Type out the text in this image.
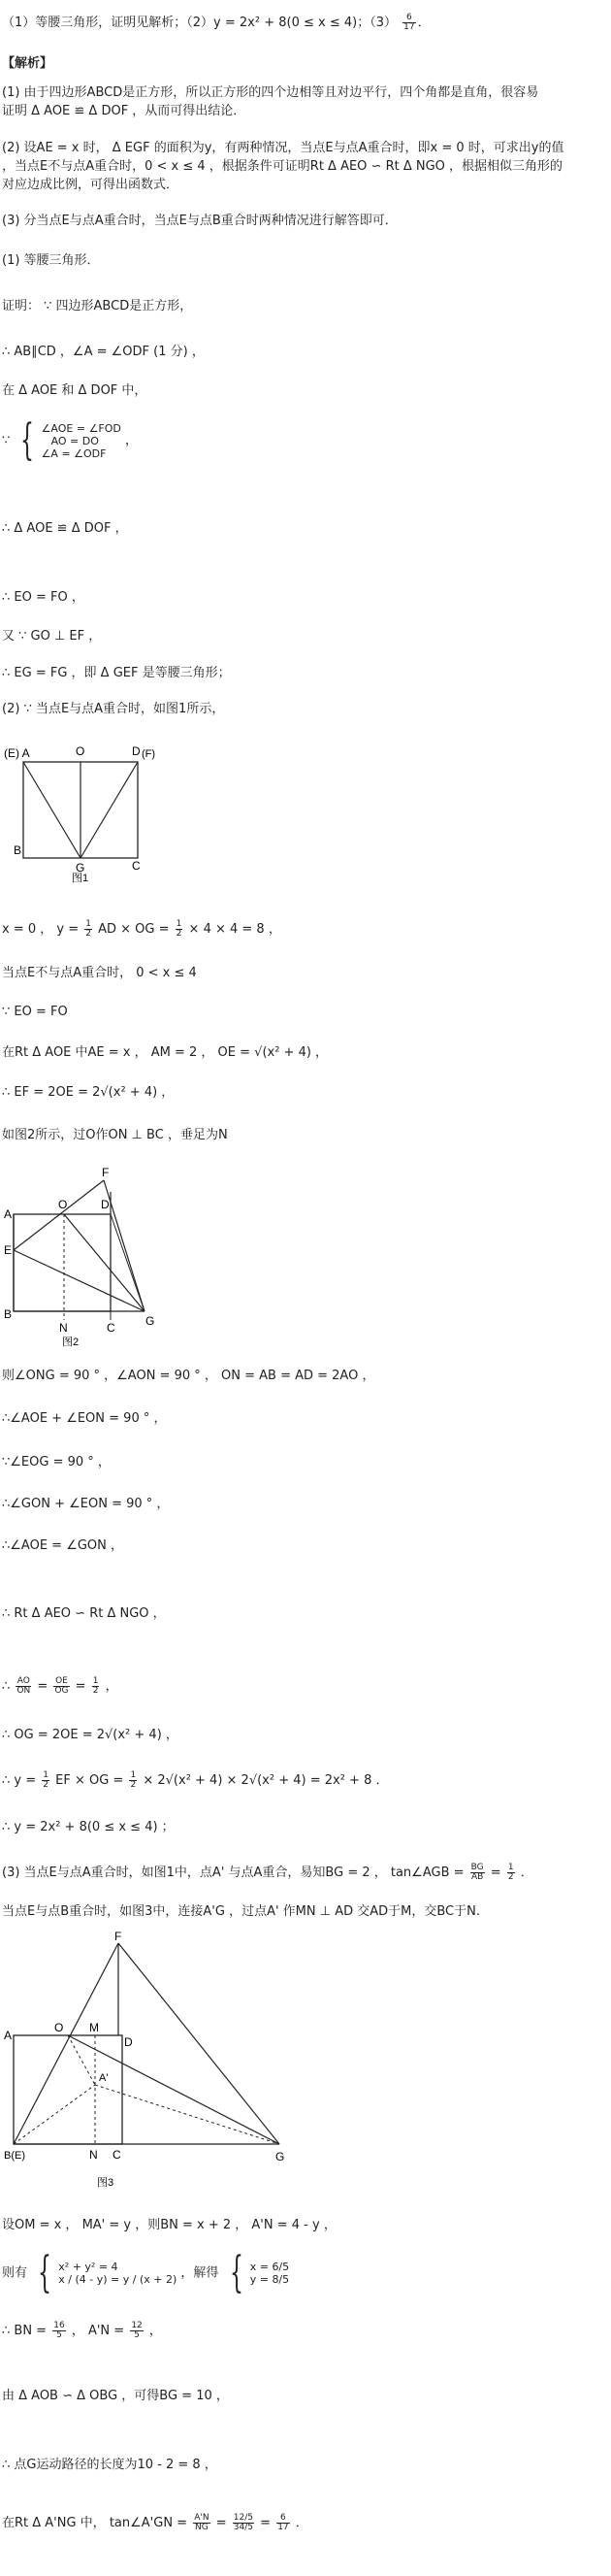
（1）等腰三角形，证明见解析；（2）y = 2x² + 8(0 ≤ x ≤ 4)；$(3) \frac{6}{17}$ ．
【解析】
(1) 由于四边形ABCD是正方形，所以正方形的四个边相等且对边平行，四个角都是直角，很容易
证明 Δ AOE ≌ Δ DOF ，从而可得出结论．
(2) 设AE = x 时， Δ EGF 的面积为y，有两种情况，当点E与点A重合时，即x = 0 时，可求出y的值
，当点E不与点A重合时，0 < x ≤ 4 ，根据条件可证明Rt Δ AEO ∽ Rt Δ NGO ，根据相似三角形的
对应边成比例，可得出函数式．
(3) 分当点E与点A重合时，当点E与点B重合时两种情况进行解答即可．
(1) 等腰三角形．
证明： ∵ 四边形ABCD是正方形，
∴ AB∥CD ，∠A = ∠ODF (1 分) ，
在 Δ AOE 和 Δ DOF 中，
∵ { ∠AOE = ∠FOD
AO = DO
∠A = ∠ODF
，
∴ Δ AOE ≌ Δ DOF ，
∴ EO = FO ，
又 ∵ GO ⊥ EF ，
∴ EG = FG ，即 Δ GEF 是等腰三角形；
(2) ∵ 当点E与点A重合时，如图1所示，
(E) A	O	D (F)
B
G	C
图1
x = 0 ， $y = \frac{1}{2}$ AD × OG = $\frac{1}{2} \times 4 \times 4 = 8$ ，
当点E不与点A重合时， 0 < x ≤ 4
∵ EO = FO
在Rt Δ AOE 中AE = x ， AM = 2 ， OE = √(x² + 4) ，
∴ EF = 2OE = 2√(x² + 4) ，
如图2所示，过O作ON ⊥ BC ，垂足为N
F
A
O	D
E
B
N	C	G
图2
则∠ONG = 90 ° ，∠AON = 90 ° ， ON = AB = AD = 2AO ，
∴∠AOE + ∠EON = 90 ° ，
∵∠EOG = 90 ° ，
∴∠GON + ∠EON = 90 ° ，
∴∠AOE = ∠GON ，
∴ Rt Δ AEO ∽ Rt Δ NGO ，
∴ $\frac{AO}{ON} = \frac{OE}{OG} = \frac{1}{2}$ ，
∴ OG = 2OE = 2√(x² + 4) ，
∴ $y = \frac{1}{2}$ EF × OG = $\frac{1}{2} \times 2√(x^2 + 4) \times 2√(x^2 + 4) = 2x^2 + 8$ ．
∴ y = 2x² + 8(0 ≤ x ≤ 4) ；
(3) 当点E与点A重合时，如图1中，点A' 与点A重合，易知BG = 2 ， tan∠AGB = $\frac{BG}{AB} = \frac{1}{2}$ ．
当点E与点B重合时，如图3中，连接A'G ，过点A' 作MN ⊥ AD 交AD于M，交BC于N.
F
A
O M
D
A'
B(E)	N C	G
图3
设OM = x ， MA' = y ，则BN = x + 2 ， A'N = 4 - y ，
则有 { x² + y² = 4
x / (4 - y) = y / (x + 2) ，解得 { x = 6/5
y = 8/5
∴ BN = $\frac{16}{5}$ ， $A'N = \frac{12}{5}$ ，
由 Δ AOB ∽ Δ OBG ，可得BG = 10 ，
∴ 点G运动路径的长度为10 - 2 = 8 ，
在Rt Δ A'NG 中， tan∠A'GN = $\frac{A'N}{NG} = \frac{12/5}{34/5} = \frac{6}{17}$ ．
